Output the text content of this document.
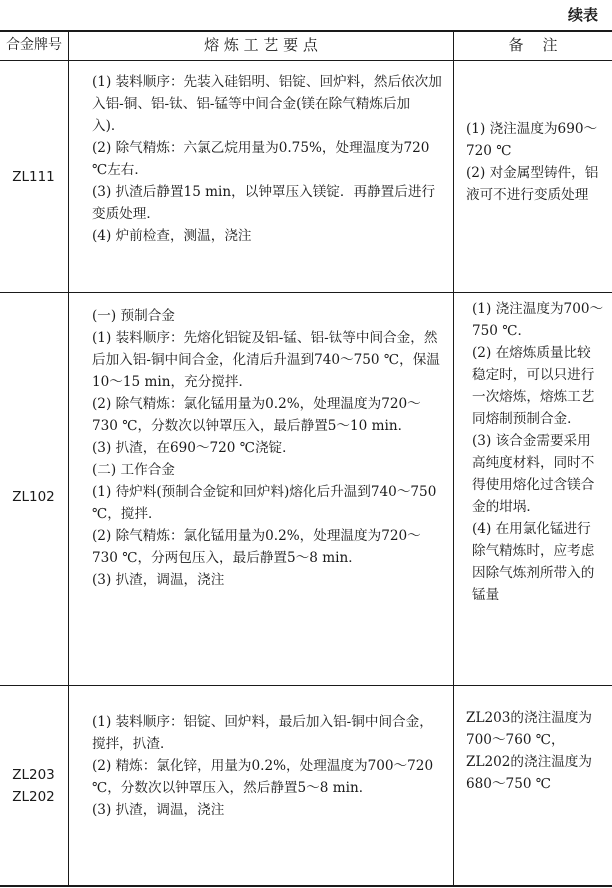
续表
合金牌号	熔 炼 工 艺 要 点	备    注
ZL111

(1) 装料顺序：先装入硅铝明、铝锭、回炉料，然后依次加入铝-铜、铝-钛、铝-锰等中间合金(镁在除气精炼后加入)．

(2) 除气精炼：六氯乙烷用量为0.75%，处理温度为720 ℃左右．

(3) 扒渣后静置15 min，以钟罩压入镁锭．再静置后进行变质处理．

(4) 炉前检查，测温，浇注

(1) 浇注温度为690～720 ℃

(2) 对金属型铸件，铝液可不进行变质处理

ZL102

(一) 预制合金

(1) 装料顺序：先熔化铝锭及铝-锰、铝-钛等中间合金，然后加入铝-铜中间合金，化清后升温到740～750 ℃，保温10～15 min，充分搅拌．

(2) 除气精炼：氯化锰用量为0.2%，处理温度为720～730 ℃，分数次以钟罩压入，最后静置5～10 min．

(3) 扒渣，在690～720 ℃浇锭．

(二) 工作合金

(1) 待炉料(预制合金锭和回炉料)熔化后升温到740～750 ℃，搅拌．

(2) 除气精炼：氯化锰用量为0.2%，处理温度为720～730 ℃，分两包压入，最后静置5～8 min．

(3) 扒渣，调温，浇注

(1) 浇注温度为700～750 ℃．

(2) 在熔炼质量比较稳定时，可以只进行一次熔炼，熔炼工艺同熔制预制合金．

(3) 该合金需要采用高纯度材料，同时不得使用熔化过含镁合金的坩埚．

(4) 在用氯化锰进行除气精炼时，应考虑因除气炼剂所带入的锰量

ZL203
ZL202

(1) 装料顺序：铝锭、回炉料，最后加入铝-铜中间合金，搅拌，扒渣．

(2) 精炼：氯化锌，用量为0.2%，处理温度为700～720 ℃，分数次以钟罩压入，然后静置5～8 min．

(3) 扒渣，调温，浇注

ZL203的浇注温度为700～760 ℃，ZL202的浇注温度为680～750 ℃
